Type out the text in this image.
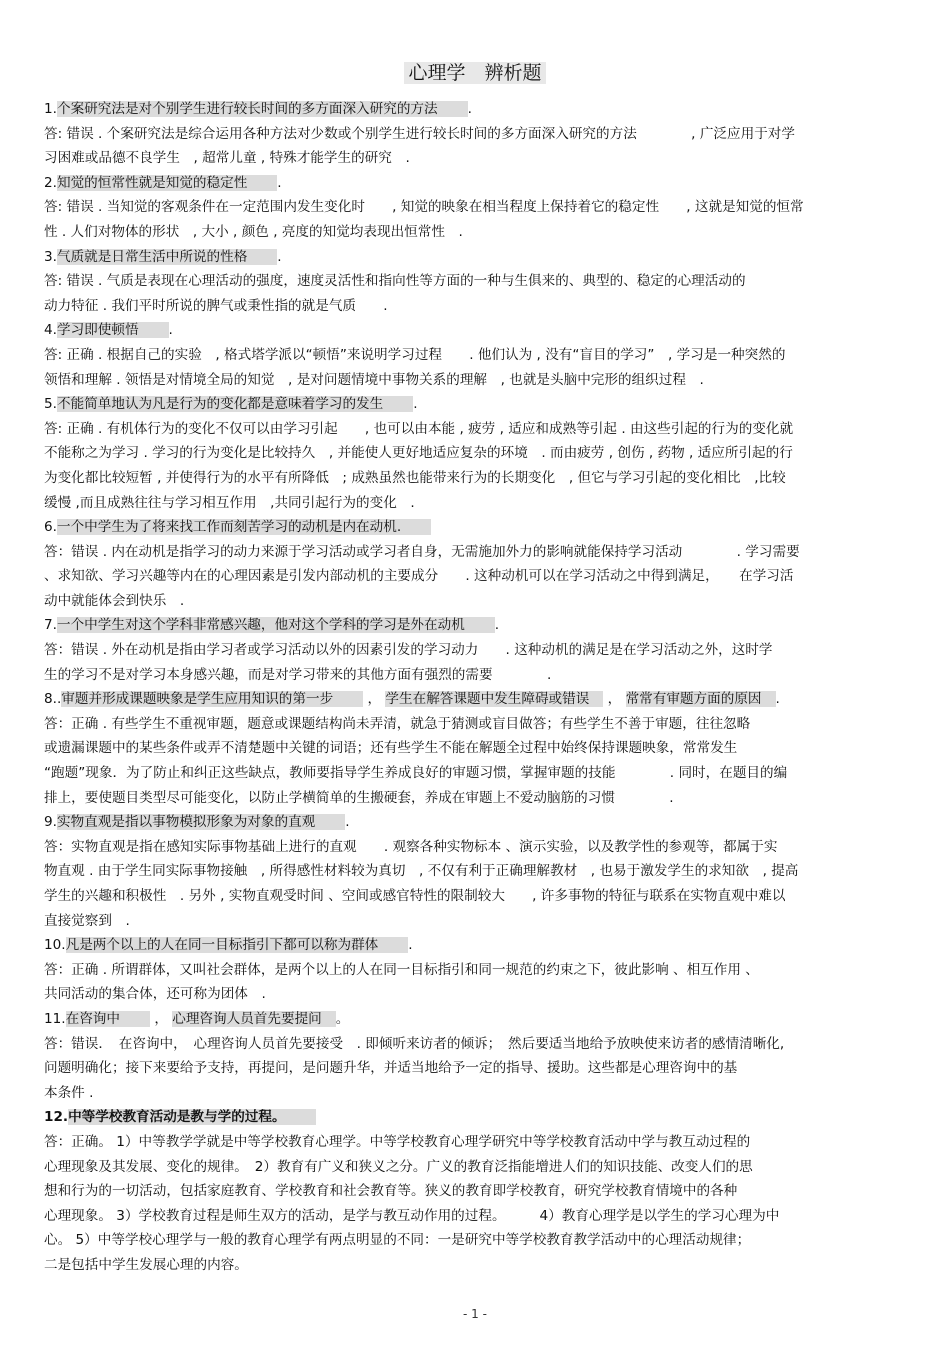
心理学　辨析题
1.个案研究法是对个别学生进行较长时间的多方面深入研究的方法 .
答: 错误 . 个案研究法是综合运用各种方法对少数或个别学生进行较长时间的多方面深入研究的方法　　　　, 广泛应用于对学
习困难或品德不良学生　, 超常儿童 , 特殊才能学生的研究　.
2.知觉的恒常性就是知觉的稳定性 .
答: 错误 . 当知觉的客观条件在一定范围内发生变化时　　, 知觉的映象在相当程度上保持着它的稳定性　　, 这就是知觉的恒常
性 . 人们对物体的形状　, 大小 , 颜色 , 亮度的知觉均表现出恒常性　.
3.气质就是日常生活中所说的性格 .
答: 错误 . 气质是表现在心理活动的强度，速度灵活性和指向性等方面的一种与生俱来的、典型的、稳定的心理活动的
动力特征 . 我们平时所说的脾气或秉性指的就是气质　　.
4.学习即使顿悟 .
答: 正确 . 根据自己的实验　, 格式塔学派以“顿悟”来说明学习过程　　. 他们认为 , 没有“盲目的学习”　, 学习是一种突然的
领悟和理解 . 领悟是对情境全局的知觉　, 是对问题情境中事物关系的理解　, 也就是头脑中完形的组织过程　.
5.不能简单地认为凡是行为的变化都是意味着学习的发生 .
答: 正确 . 有机体行为的变化不仅可以由学习引起　　, 也可以由本能 , 疲劳 , 适应和成熟等引起 . 由这些引起的行为的变化就
不能称之为学习 . 学习的行为变化是比较持久　, 并能使人更好地适应复杂的环境　. 而由疲劳 , 创伤 , 药物 , 适应所引起的行
为变化都比较短暂 , 并使得行为的水平有所降低　; 成熟虽然也能带来行为的长期变化　, 但它与学习引起的变化相比　,比较
缓慢 ,而且成熟往往与学习相互作用　,共同引起行为的变化　.
6.一个中学生为了将来找工作而刻苦学习的动机是内在动机.
答：错误 . 内在动机是指学习的动力来源于学习活动或学习者自身，无需施加外力的影响就能保持学习活动　　　　. 学习需要
、求知欲、学习兴趣等内在的心理因素是引发内部动机的主要成分　　. 这种动机可以在学习活动之中得到满足，　　在学习活
动中就能体会到快乐　.
7.一个中学生对这个学科非常感兴趣，他对这个学科的学习是外在动机 .
答：错误 . 外在动机是指由学习者或学习活动以外的因素引发的学习动力　　. 这种动机的满足是在学习活动之外，这时学
生的学习不是对学习本身感兴趣，而是对学习带来的其他方面有强烈的需要　　　　.
8..审题并形成课题映象是学生应用知识的第一步 ， 学生在解答课题中发生障碍或错误 ， 常常有审题方面的原因 .
答：正确 . 有些学生不重视审题，题意或课题结构尚未弄清，就急于猜测或盲目做答；有些学生不善于审题，往往忽略
或遗漏课题中的某些条件或弄不清楚题中关键的词语；还有些学生不能在解题全过程中始终保持课题映象，常常发生
“跑题”现象．为了防止和纠正这些缺点，教师要指导学生养成良好的审题习惯，掌握审题的技能　　　　. 同时，在题目的编
排上，要使题目类型尽可能变化，以防止学横简单的生搬硬套，养成在审题上不爱动脑筋的习惯　　　　.
9.实物直观是指以事物模拟形象为对象的直观 .
答：实物直观是指在感知实际事物基础上进行的直观　　. 观察各种实物标本 、演示实验，以及教学性的参观等，都属于实
物直观 . 由于学生同实际事物接触　, 所得感性材料较为真切　, 不仅有利于正确理解教材　, 也易于激发学生的求知欲　, 提高
学生的兴趣和积极性　. 另外 , 实物直观受时间 、空间或感官特性的限制较大　　, 许多事物的特征与联系在实物直观中难以
直接觉察到　.
10.凡是两个以上的人在同一目标指引下都可以称为群体 .
答：正确 . 所谓群体，又叫社会群体，是两个以上的人在同一目标指引和同一规范的约束之下，彼此影响 、相互作用 、
共同活动的集合体，还可称为团体　.
11.在咨询中 ， 心理咨询人员首先要提问 。
答：错误．　在咨询中，　心理咨询人员首先要接受　. 即倾听来访者的倾诉；　然后要适当地给予放映使来访者的感情清晰化,
问题明确化；接下来要给予支持，再提问，是问题升华，并适当地给予一定的指导、援助。这些都是心理咨询中的基
本条件 .
12.中等学校教育活动是教与学的过程。
答：正确。 1）中等教学学就是中等学校教育心理学。中等学校教育心理学研究中等学校教育活动中学与教互动过程的
心理现象及其发展、变化的规律。　2）教育有广义和狭义之分。广义的教育泛指能增进人们的知识技能、改变人们的思
想和行为的一切活动，包括家庭教育、学校教育和社会教育等。狭义的教育即学校教育，研究学校教育情境中的各种
心理现象。 3）学校教育过程是师生双方的活动，是学与教互动作用的过程。　　　4）教育心理学是以学生的学习心理为中
心。 5）中等学校心理学与一般的教育心理学有两点明显的不同：一是研究中等学校教育教学活动中的心理活动规律；
二是包括中学生发展心理的内容。
- 1 -
